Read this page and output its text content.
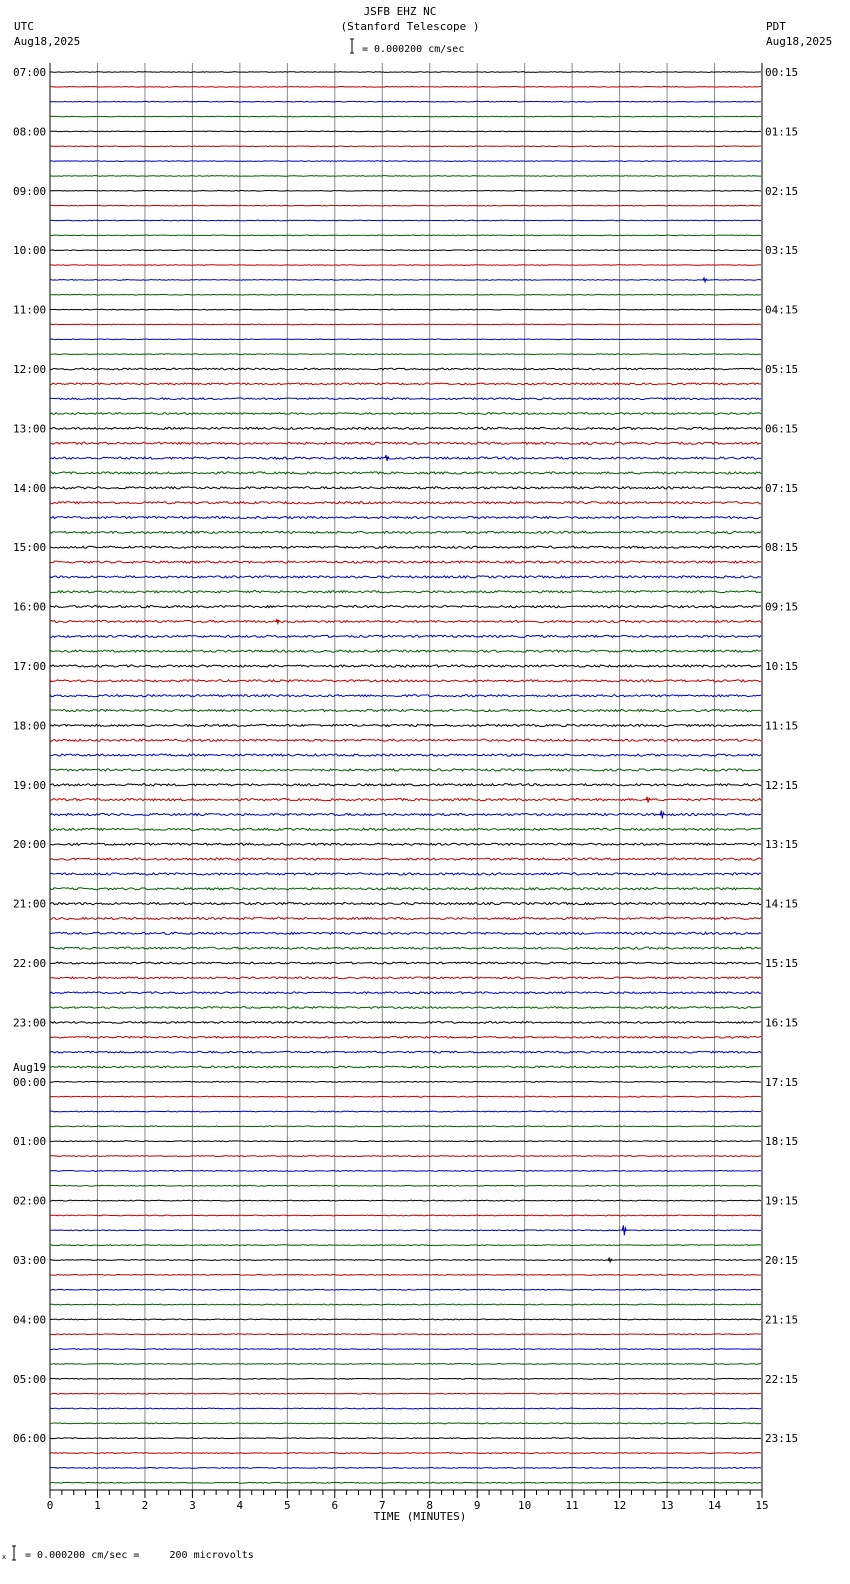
07:00
08:00
09:00
10:00
11:00
12:00
13:00
14:00
15:00
16:00
17:00
18:00
19:00
20:00
21:00
22:00
23:00
00:00
01:00
02:00
03:00
04:00
05:00
06:00
Aug19
00:15
01:15
02:15
03:15
04:15
05:15
06:15
07:15
08:15
09:15
10:15
11:15
12:15
13:15
14:15
15:15
16:15
17:15
18:15
19:15
20:15
21:15
22:15
23:15
0	1	2	3	4	5	6	7	8	9	10	11	12	13	14	15
x
JSFB EHZ NC
(Stanford Telescope )
= 0.000200 cm/sec
UTC
Aug18,2025
PDT
Aug18,2025
TIME (MINUTES)
= 0.000200 cm/sec =     200 microvolts
